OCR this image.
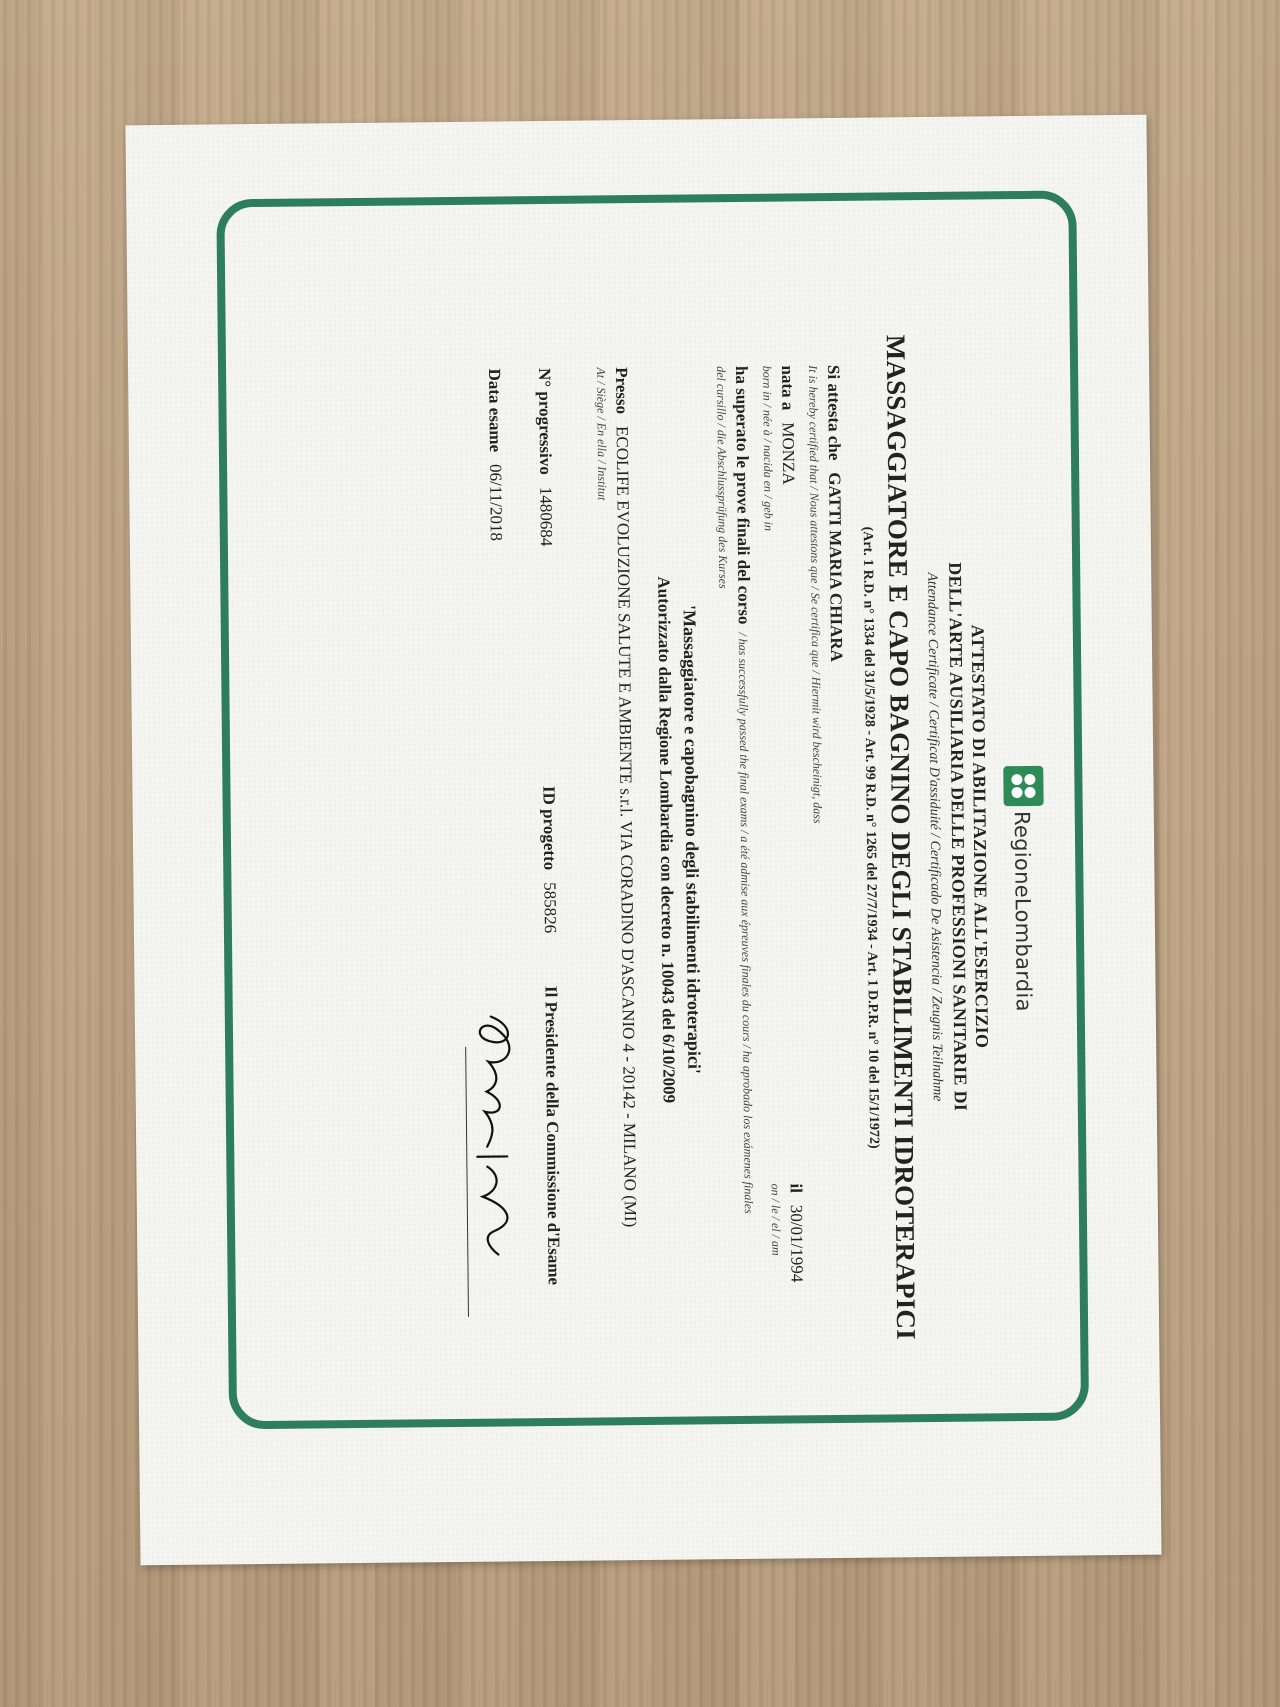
RegioneLombardia
ATTESTATO DI ABILITAZIONE ALL'ESERCIZIO
DELL'ARTE AUSILIARIA DELLE PROFESSIONI SANITARIE DI
Attendance Certificate / Certificat D'assiduité / Certificado De Asistencia / Zeugnis Teilnahme
MASSAGGIATORE E CAPO BAGNINO DEGLI STABILIMENTI IDROTERAPICI
(Art. 1 R.D. n° 1334 del 31/5/1928 - Art. 99 R.D. n° 1265 del 27/7/1934 - Art. 1 D.P.R. n° 10 del 15/1/1972)
Si attesta che GATTI MARIA CHIARA
It is hereby certified that / Nous attestons que / Se certifica que / Hiermit wird bescheinigt, dass
nata a MONZA
born in / née à / nacida en / geb in
il 30/01/1994
on / le / el / am
ha superato le prove finali del corso / has successfully passed the final exams / a été admise aux épreuves finales du cours / ha aprobado los exámenes finales
del cursillo / die Abschlussprüfung des Kurses
'Massaggiatore e capobagnino degli stabilimenti idroterapici'
Autorizzato dalla Regione Lombardia con decreto n. 10043 del 6/10/2009
Presso ECOLIFE EVOLUZIONE SALUTE E AMBIENTE s.r.l. VIA CORADINO D'ASCANIO 4 - 20142 - MILANO (MI)
At / Siège / En ella / Institut
N° progressivo 1480684
ID progetto 585826
Il Presidente della Commissione d'Esame
Data esame 06/11/2018
